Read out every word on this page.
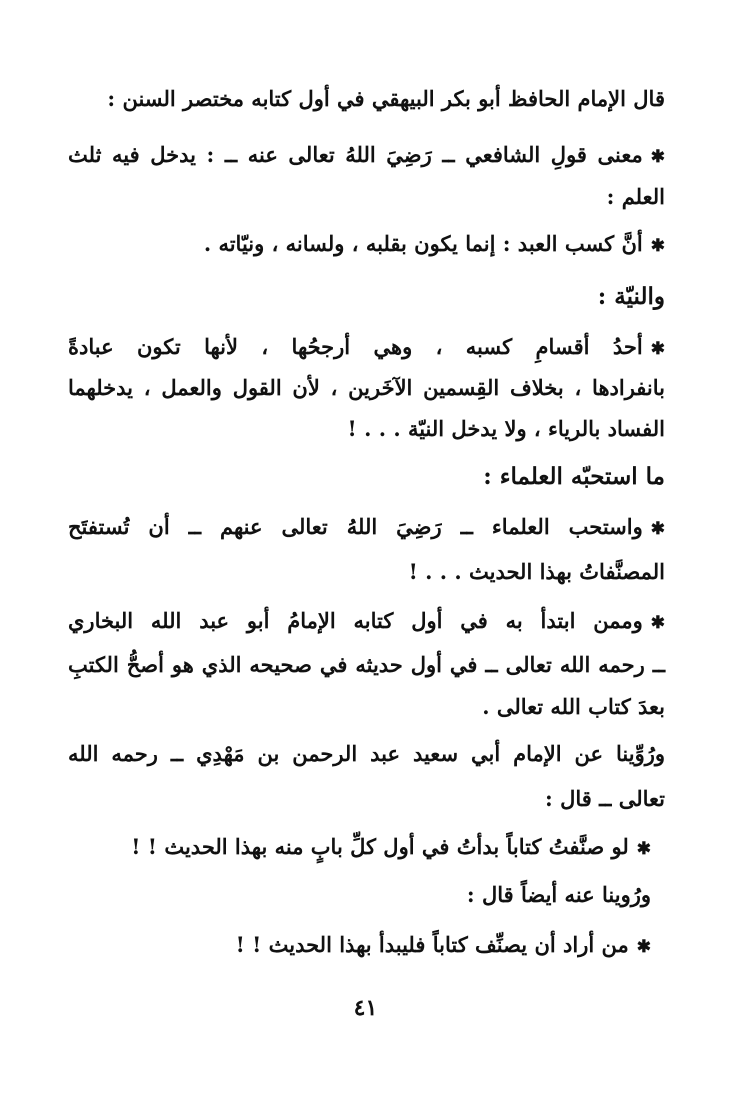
قال الإمام الحافظ أبو بكر البيهقي في أول كتابه مختصر السنن :
✱معنى قولِ الشافعي ــ رَضِيَ اللهُ تعالى عنه ــ : يدخل فيه ثلث
العلم :
✱أنَّ كسب العبد : إنما يكون بقلبه ، ولسانه ، ونيّاته .
والنيّة :
✱أحدُ أقسامِ كسبه ، وهي أرجحُها ، لأنها تكون عبادةً
بانفرادها ، بخلاف القِسمين الآخَرين ، لأن القول والعمل ، يدخلهما
الفساد بالرياء ، ولا يدخل النيّة . . . !
ما استحبّه العلماء :
✱واستحب العلماء ــ رَضِيَ اللهُ تعالى عنهم ــ أن تُستفتَح
المصنَّفاتُ بهذا الحديث . . . !
✱وممن ابتدأ به في أول كتابه الإمامُ أبو عبد الله البخاري
ــ رحمه الله تعالى ــ في أول حديثه في صحيحه الذي هو أصحُّ الكتبِ
بعدَ كتاب الله تعالى .
ورُوِّينا عن الإمام أبي سعيد عبد الرحمن بن مَهْدِي ــ رحمه الله
تعالى ــ قال :
✱لو صنَّفتُ كتاباً بدأتُ في أول كلِّ بابٍ منه بهذا الحديث ! !
ورُوينا عنه أيضاً قال :
✱من أراد أن يصنِّف كتاباً فليبدأ بهذا الحديث ! !
٤١
